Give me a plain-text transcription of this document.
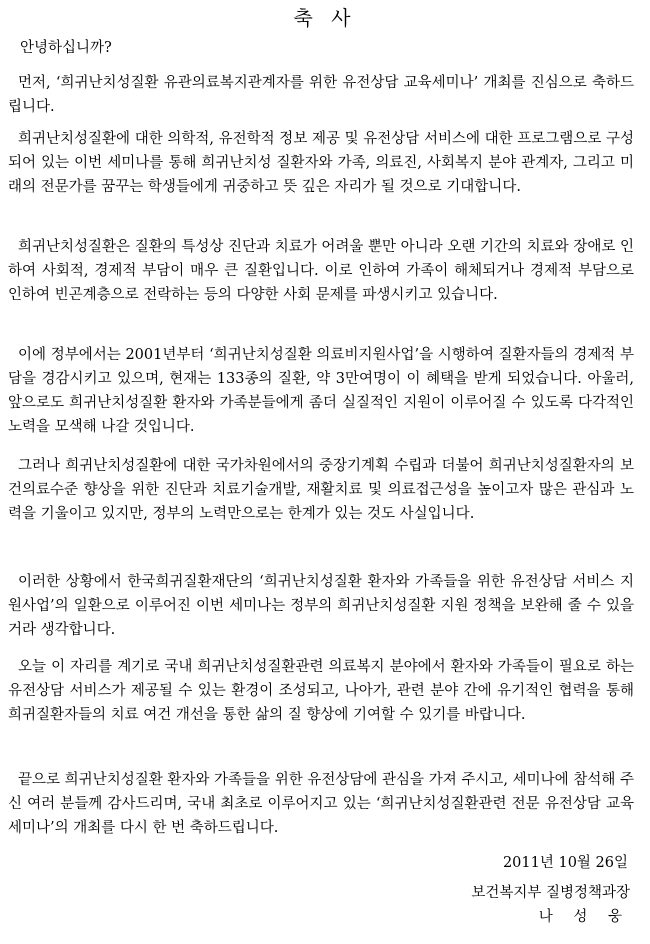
축 사
안녕하십니까?

먼저, ‘희귀난치성질환 유관의료복지관계자를 위한 유전상담 교육세미나’ 개최를 진심으로 축하드립니다.

희귀난치성질환에 대한 의학적, 유전학적 정보 제공 및 유전상담 서비스에 대한 프로그램으로 구성되어 있는 이번 세미나를 통해 희귀난치성 질환자와 가족, 의료진, 사회복지 분야 관계자, 그리고 미래의 전문가를 꿈꾸는 학생들에게 귀중하고 뜻 깊은 자리가 될 것으로 기대합니다.

희귀난치성질환은 질환의 특성상 진단과 치료가 어려울 뿐만 아니라 오랜 기간의 치료와 장애로 인하여 사회적, 경제적 부담이 매우 큰 질환입니다. 이로 인하여 가족이 해체되거나 경제적 부담으로 인하여 빈곤계층으로 전락하는 등의 다양한 사회 문제를 파생시키고 있습니다.

이에 정부에서는 2001년부터 ‘희귀난치성질환 의료비지원사업’을 시행하여 질환자들의 경제적 부담을 경감시키고 있으며, 현재는 133종의 질환, 약 3만여명이 이 혜택을 받게 되었습니다. 아울러, 앞으로도 희귀난치성질환 환자와 가족분들에게 좀더 실질적인 지원이 이루어질 수 있도록 다각적인 노력을 모색해 나갈 것입니다.

그러나 희귀난치성질환에 대한 국가차원에서의 중장기계획 수립과 더불어 희귀난치성질환자의 보건의료수준 향상을 위한 진단과 치료기술개발, 재활치료 및 의료접근성을 높이고자 많은 관심과 노력을 기울이고 있지만, 정부의 노력만으로는 한계가 있는 것도 사실입니다.

이러한 상황에서 한국희귀질환재단의 ‘희귀난치성질환 환자와 가족들을 위한 유전상담 서비스 지원사업’의 일환으로 이루어진 이번 세미나는 정부의 희귀난치성질환 지원 정책을 보완해 줄 수 있을 거라 생각합니다.

오늘 이 자리를 계기로 국내 희귀난치성질환관련 의료복지 분야에서 환자와 가족들이 필요로 하는 유전상담 서비스가 제공될 수 있는 환경이 조성되고, 나아가, 관련 분야 간에 유기적인 협력을 통해 희귀질환자들의 치료 여건 개선을 통한 삶의 질 향상에 기여할 수 있기를 바랍니다.

끝으로 희귀난치성질환 환자와 가족들을 위한 유전상담에 관심을 가져 주시고, 세미나에 참석해 주신 여러 분들께 감사드리며, 국내 최초로 이루어지고 있는 ‘희귀난치성질환관련 전문 유전상담 교육 세미나’의 개최를 다시 한 번 축하드립니다.

2011년 10월 26일
보건복지부 질병정책과장
나 성 웅
